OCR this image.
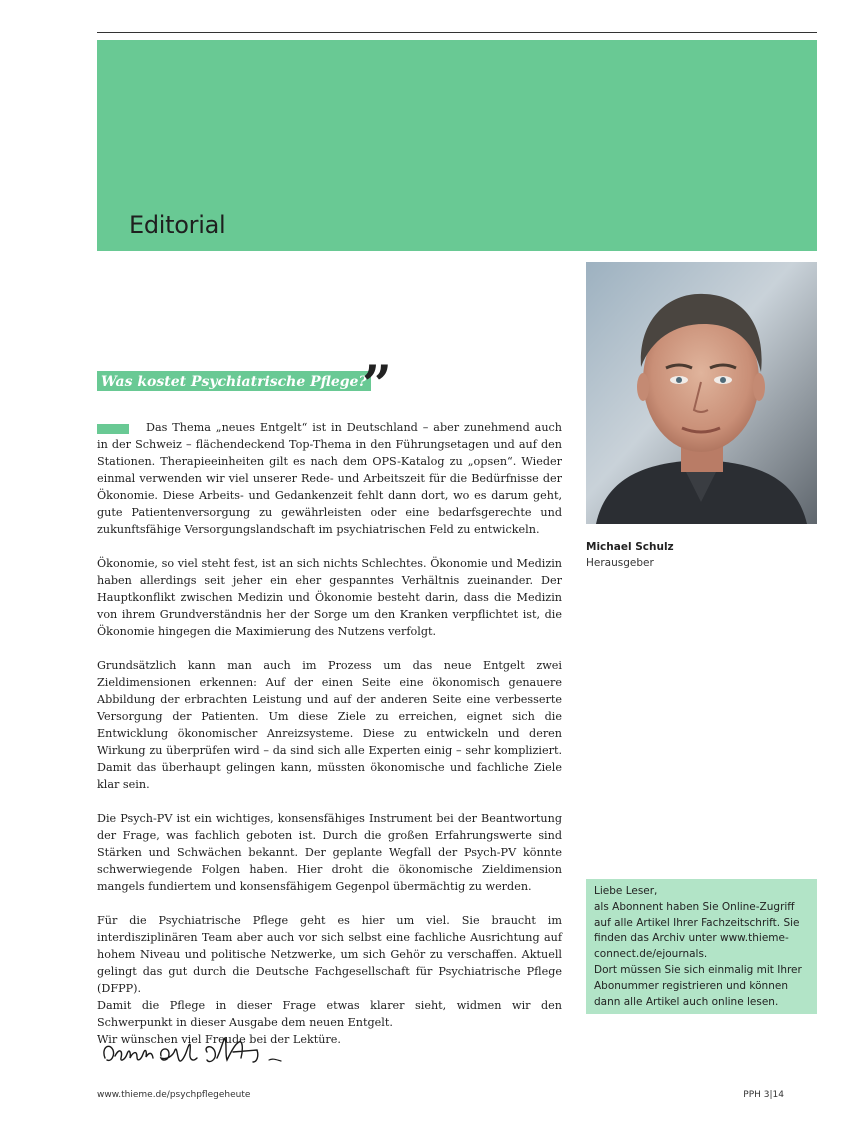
Editorial
Michael Schulz
Herausgeber
Was kostet Psychiatrische Pflege?
”

Das Thema „neues Entgelt“ ist in Deutschland – aber zunehmend auch in der Schweiz – flächendeckend Top-Thema in den Führungsetagen und auf den Stationen. Therapieeinheiten gilt es nach dem OPS-Katalog zu „opsen“. Wieder einmal verwenden wir viel unserer Rede- und Arbeitszeit für die Bedürfnisse der Ökonomie. Diese Arbeits- und Gedankenzeit fehlt dann dort, wo es darum geht, gute Patientenversorgung zu gewährleisten oder eine bedarfsgerechte und zukunftsfähige Versorgungslandschaft im psychiatrischen Feld zu entwickeln.

Ökonomie, so viel steht fest, ist an sich nichts Schlechtes. Ökonomie und Medizin haben allerdings seit jeher ein eher gespanntes Verhältnis zueinander. Der Hauptkonflikt zwischen Medizin und Ökonomie besteht darin, dass die Medizin von ihrem Grundverständnis her der Sorge um den Kranken verpflichtet ist, die Ökonomie hingegen die Maximierung des Nutzens verfolgt.

Grundsätzlich kann man auch im Prozess um das neue Entgelt zwei Zieldimensionen erkennen: Auf der einen Seite eine ökonomisch genauere Abbildung der erbrachten Leistung und auf der anderen Seite eine verbesserte Versorgung der Patienten. Um diese Ziele zu erreichen, eignet sich die Entwicklung ökonomischer Anreizsysteme. Diese zu entwickeln und deren Wirkung zu überprüfen wird – da sind sich alle Experten einig – sehr kompliziert. Damit das überhaupt gelingen kann, müssten ökonomische und fachliche Ziele klar sein.

Die Psych-PV ist ein wichtiges, konsensfähiges Instrument bei der Beantwortung der Frage, was fachlich geboten ist. Durch die großen Erfahrungswerte sind Stärken und Schwächen bekannt. Der geplante Wegfall der Psych-PV könnte schwerwiegende Folgen haben. Hier droht die ökonomische Zieldimension mangels fundiertem und konsensfähigem Gegenpol übermächtig zu werden.

Für die Psychiatrische Pflege geht es hier um viel. Sie braucht im interdisziplinären Team aber auch vor sich selbst eine fachliche Ausrichtung auf hohem Niveau und politische Netzwerke, um sich Gehör zu verschaffen. Aktuell gelingt das gut durch die Deutsche Fachgesellschaft für Psychiatrische Pflege (DFPP).

Damit die Pflege in dieser Frage etwas klarer sieht, widmen wir den Schwerpunkt in dieser Ausgabe dem neuen Entgelt.

Wir wünschen viel Freude bei der Lektüre.

Liebe Leser,
als Abonnent haben Sie Online-Zugriff auf alle Artikel Ihrer Fachzeitschrift. Sie finden das Archiv unter www.thieme-connect.de/ejournals.
Dort müssen Sie sich einmalig mit Ihrer Abonummer registrieren und können dann alle Artikel auch online lesen.
www.thieme.de/psychpflegeheute	PPH 3|14
